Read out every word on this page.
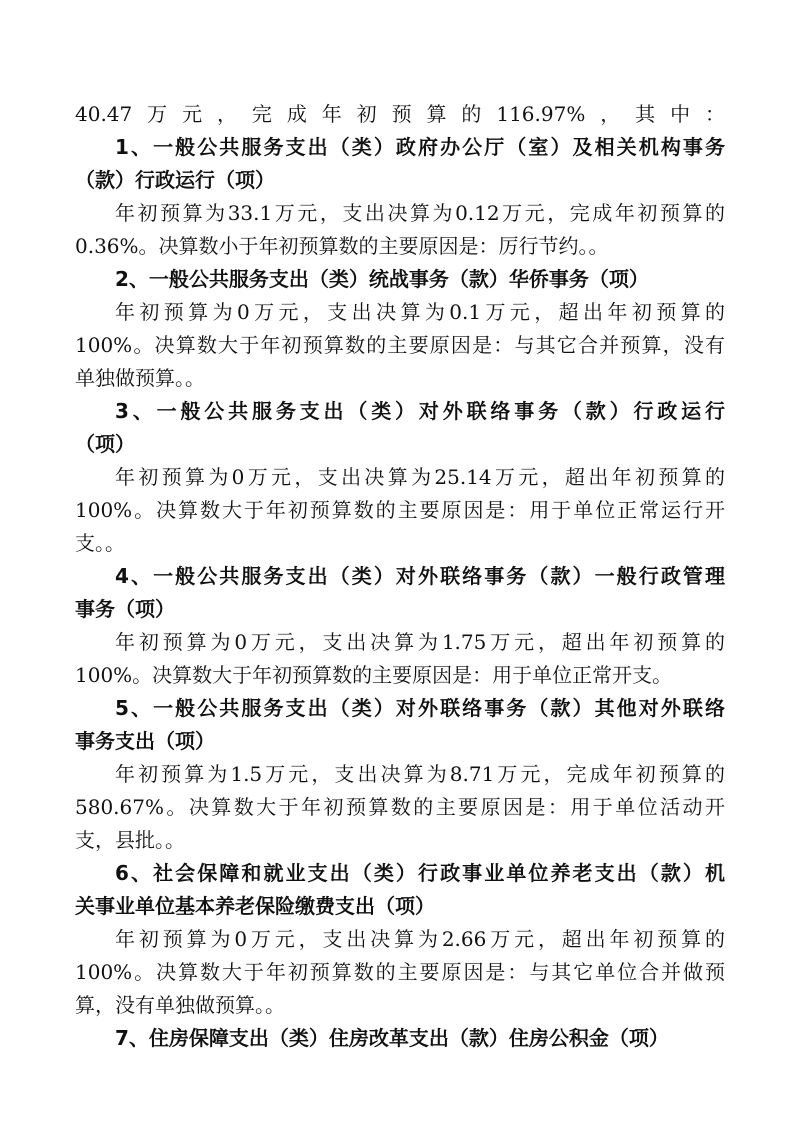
40.47万元，完成年初预算的116.97%，其中：
1、一般公共服务支出（类）政府办公厅（室）及相关机构事务
（款）行政运行（项）
年初预算为33.1万元，支出决算为0.12万元，完成年初预算的
0.36%。决算数小于年初预算数的主要原因是：厉行节约。。
2、一般公共服务支出（类）统战事务（款）华侨事务（项）
年初预算为0万元，支出决算为0.1万元，超出年初预算的
100%。决算数大于年初预算数的主要原因是：与其它合并预算，没有
单独做预算。。
3、一般公共服务支出（类）对外联络事务（款）行政运行
（项）
年初预算为0万元，支出决算为25.14万元，超出年初预算的
100%。决算数大于年初预算数的主要原因是：用于单位正常运行开
支。。
4、一般公共服务支出（类）对外联络事务（款）一般行政管理
事务（项）
年初预算为0万元，支出决算为1.75万元，超出年初预算的
100%。决算数大于年初预算数的主要原因是：用于单位正常开支。
5、一般公共服务支出（类）对外联络事务（款）其他对外联络
事务支出（项）
年初预算为1.5万元，支出决算为8.71万元，完成年初预算的
580.67%。决算数大于年初预算数的主要原因是：用于单位活动开
支，县批。。
6、社会保障和就业支出（类）行政事业单位养老支出（款）机
关事业单位基本养老保险缴费支出（项）
年初预算为0万元，支出决算为2.66万元，超出年初预算的
100%。决算数大于年初预算数的主要原因是：与其它单位合并做预
算，没有单独做预算。。
7、住房保障支出（类）住房改革支出（款）住房公积金（项）
